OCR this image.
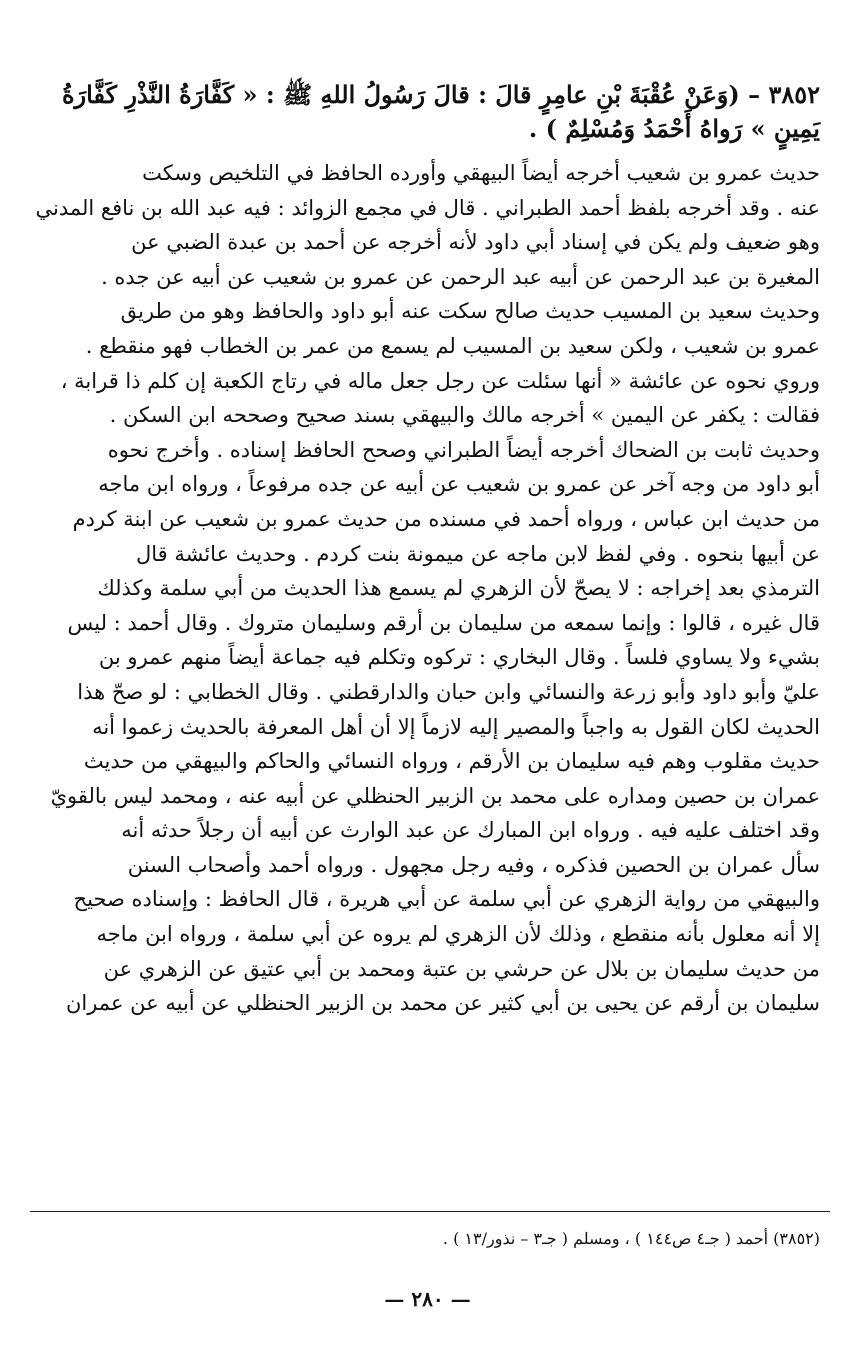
٣٨٥٢ – (وَعَنْ عُقْبَةَ بْنِ عامِرٍ قالَ : قالَ رَسُولُ اللهِ ﷺ : « كَفَّارَةُ النَّذْرِ كَفَّارَةُ
يَمِينٍ » رَواهُ أَحْمَدُ وَمُسْلِمٌ ) .
حديث عمرو بن شعيب أخرجه أيضاً البيهقي وأورده الحافظ في التلخيص وسكت
عنه . وقد أخرجه بلفظ أحمد الطبراني . قال في مجمع الزوائد : فيه عبد الله بن نافع المدني
وهو ضعيف ولم يكن في إسناد أبي داود لأنه أخرجه عن أحمد بن عبدة الضبي عن
المغيرة بن عبد الرحمن عن أبيه عبد الرحمن عن عمرو بن شعيب عن أبيه عن جده .
وحديث سعيد بن المسيب حديث صالح سكت عنه أبو داود والحافظ وهو من طريق
عمرو بن شعيب ، ولكن سعيد بن المسيب لم يسمع من عمر بن الخطاب فهو منقطع .
وروي نحوه عن عائشة « أنها سئلت عن رجل جعل ماله في رتاج الكعبة إن كلم ذا قرابة ،
فقالت : يكفر عن اليمين » أخرجه مالك والبيهقي بسند صحيح وصححه ابن السكن .
وحديث ثابت بن الضحاك أخرجه أيضاً الطبراني وصحح الحافظ إسناده . وأخرج نحوه
أبو داود من وجه آخر عن عمرو بن شعيب عن أبيه عن جده مرفوعاً ، ورواه ابن ماجه
من حديث ابن عباس ، ورواه أحمد في مسنده من حديث عمرو بن شعيب عن ابنة كردم
عن أبيها بنحوه . وفي لفظ لابن ماجه عن ميمونة بنت كردم . وحديث عائشة قال
الترمذي بعد إخراجه : لا يصحّ لأن الزهري لم يسمع هذا الحديث من أبي سلمة وكذلك
قال غيره ، قالوا : وإنما سمعه من سليمان بن أرقم وسليمان متروك . وقال أحمد : ليس
بشيء ولا يساوي فلساً . وقال البخاري : تركوه وتكلم فيه جماعة أيضاً منهم عمرو بن
عليّ وأبو داود وأبو زرعة والنسائي وابن حبان والدارقطني . وقال الخطابي : لو صحّ هذا
الحديث لكان القول به واجباً والمصير إليه لازماً إلا أن أهل المعرفة بالحديث زعموا أنه
حديث مقلوب وهم فيه سليمان بن الأرقم ، ورواه النسائي والحاكم والبيهقي من حديث
عمران بن حصين ومداره على محمد بن الزبير الحنظلي عن أبيه عنه ، ومحمد ليس بالقويّ
وقد اختلف عليه فيه . ورواه ابن المبارك عن عبد الوارث عن أبيه أن رجلاً حدثه أنه
سأل عمران بن الحصين فذكره ، وفيه رجل مجهول . ورواه أحمد وأصحاب السنن
والبيهقي من رواية الزهري عن أبي سلمة عن أبي هريرة ، قال الحافظ : وإسناده صحيح
إلا أنه معلول بأنه منقطع ، وذلك لأن الزهري لم يروه عن أبي سلمة ، ورواه ابن ماجه
من حديث سليمان بن بلال عن حرشي بن عتبة ومحمد بن أبي عتيق عن الزهري عن
سليمان بن أرقم عن يحيى بن أبي كثير عن محمد بن الزبير الحنظلي عن أبيه عن عمران
(٣٨٥٢) أحمد ( جـ٤ ص١٤٤ ) ، ومسلم ( جـ٣ – نذور/١٣ ) .
— ٢٨٠ —
